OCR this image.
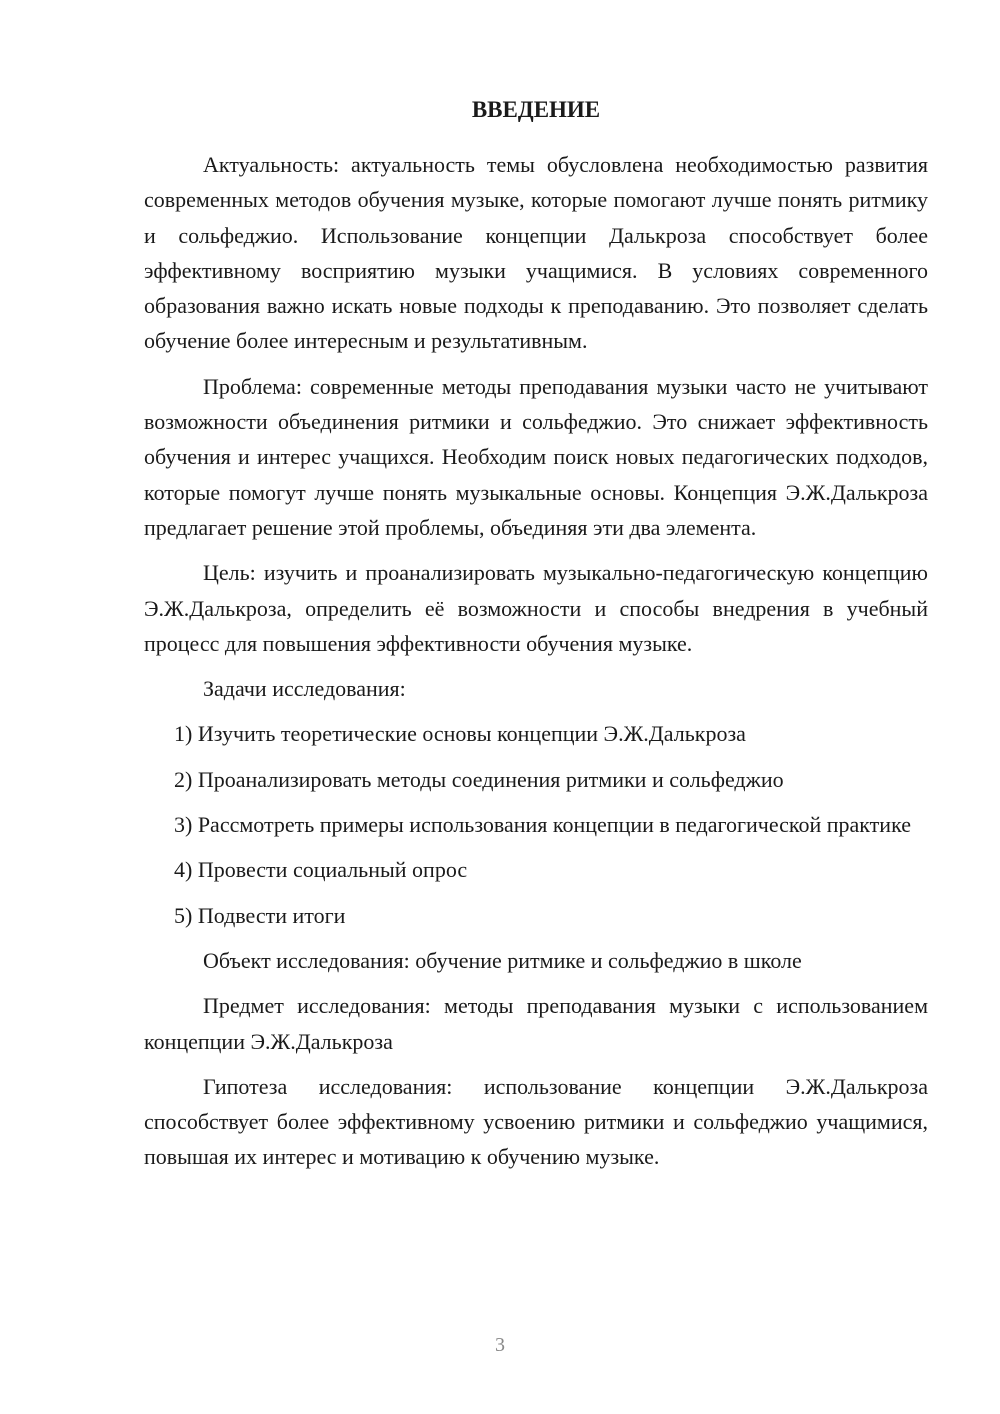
ВВЕДЕНИЕ

Актуальность: актуальность темы обусловлена необходимостью развития современных методов обучения музыке, которые помогают лучше понять ритмику и сольфеджио. Использование концепции Далькроза способствует более эффективному восприятию музыки учащимися. В условиях современного образования важно искать новые подходы к преподаванию. Это позволяет сделать обучение более интересным и результативным.

Проблема: современные методы преподавания музыки часто не учитывают возможности объединения ритмики и сольфеджио. Это снижает эффективность обучения и интерес учащихся. Необходим поиск новых педагогических подходов, которые помогут лучше понять музыкальные основы. Концепция Э.Ж.Далькроза предлагает решение этой проблемы, объединяя эти два элемента.

Цель: изучить и проанализировать музыкально-педагогическую концепцию Э.Ж.Далькроза, определить её возможности и способы внедрения в учебный процесс для повышения эффективности обучения музыке.

Задачи исследования:

1) Изучить теоретические основы концепции Э.Ж.Далькроза

2) Проанализировать методы соединения ритмики и сольфеджио

3) Рассмотреть примеры использования концепции в педагогической практике

4) Провести социальный опрос

5) Подвести итоги

Объект исследования: обучение ритмике и сольфеджио в школе

Предмет исследования: методы преподавания музыки с использованием концепции Э.Ж.Далькроза

Гипотеза исследования: использование концепции Э.Ж.Далькроза способствует более эффективному усвоению ритмики и сольфеджио учащимися, повышая их интерес и мотивацию к обучению музыке.

3
